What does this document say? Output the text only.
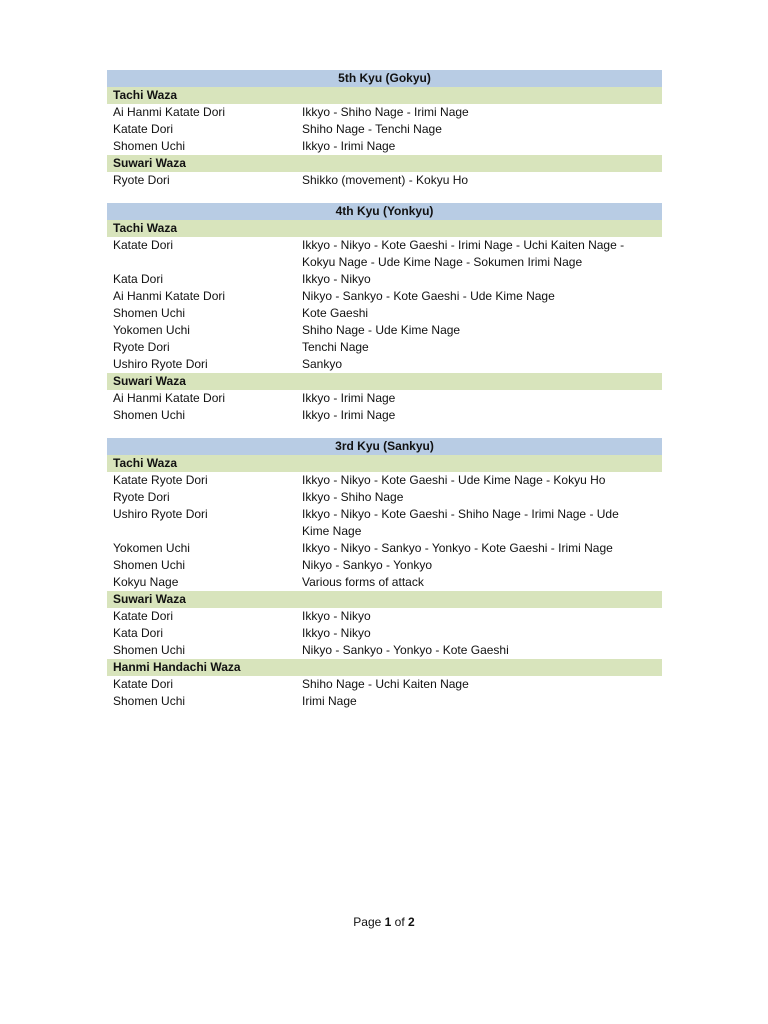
5th Kyu (Gokyu)
Tachi Waza
Ai Hanmi Katate Dori	Ikkyo - Shiho Nage - Irimi Nage
Katate Dori	Shiho Nage - Tenchi Nage
Shomen Uchi	Ikkyo - Irimi Nage
Suwari Waza
Ryote Dori	Shikko (movement) - Kokyu Ho
4th Kyu (Yonkyu)
Tachi Waza
Katate Dori	Ikkyo - Nikyo - Kote Gaeshi - Irimi Nage - Uchi Kaiten Nage - Kokyu Nage - Ude Kime Nage - Sokumen Irimi Nage
Kata Dori	Ikkyo - Nikyo
Ai Hanmi Katate Dori	Nikyo - Sankyo - Kote Gaeshi - Ude Kime Nage
Shomen Uchi	Kote Gaeshi
Yokomen Uchi	Shiho Nage - Ude Kime Nage
Ryote Dori	Tenchi Nage
Ushiro Ryote Dori	Sankyo
Suwari Waza
Ai Hanmi Katate Dori	Ikkyo - Irimi Nage
Shomen Uchi	Ikkyo - Irimi Nage
3rd Kyu (Sankyu)
Tachi Waza
Katate Ryote Dori	Ikkyo - Nikyo - Kote Gaeshi - Ude Kime Nage - Kokyu Ho
Ryote Dori	Ikkyo - Shiho Nage
Ushiro Ryote Dori	Ikkyo - Nikyo - Kote Gaeshi - Shiho Nage - Irimi Nage - Ude Kime Nage
Yokomen Uchi	Ikkyo - Nikyo - Sankyo - Yonkyo - Kote Gaeshi - Irimi Nage
Shomen Uchi	Nikyo - Sankyo - Yonkyo
Kokyu Nage	Various forms of attack
Suwari Waza
Katate Dori	Ikkyo - Nikyo
Kata Dori	Ikkyo - Nikyo
Shomen Uchi	Nikyo - Sankyo - Yonkyo - Kote Gaeshi
Hanmi Handachi Waza
Katate Dori	Shiho Nage - Uchi Kaiten Nage
Shomen Uchi	Irimi Nage
Page 1 of 2
